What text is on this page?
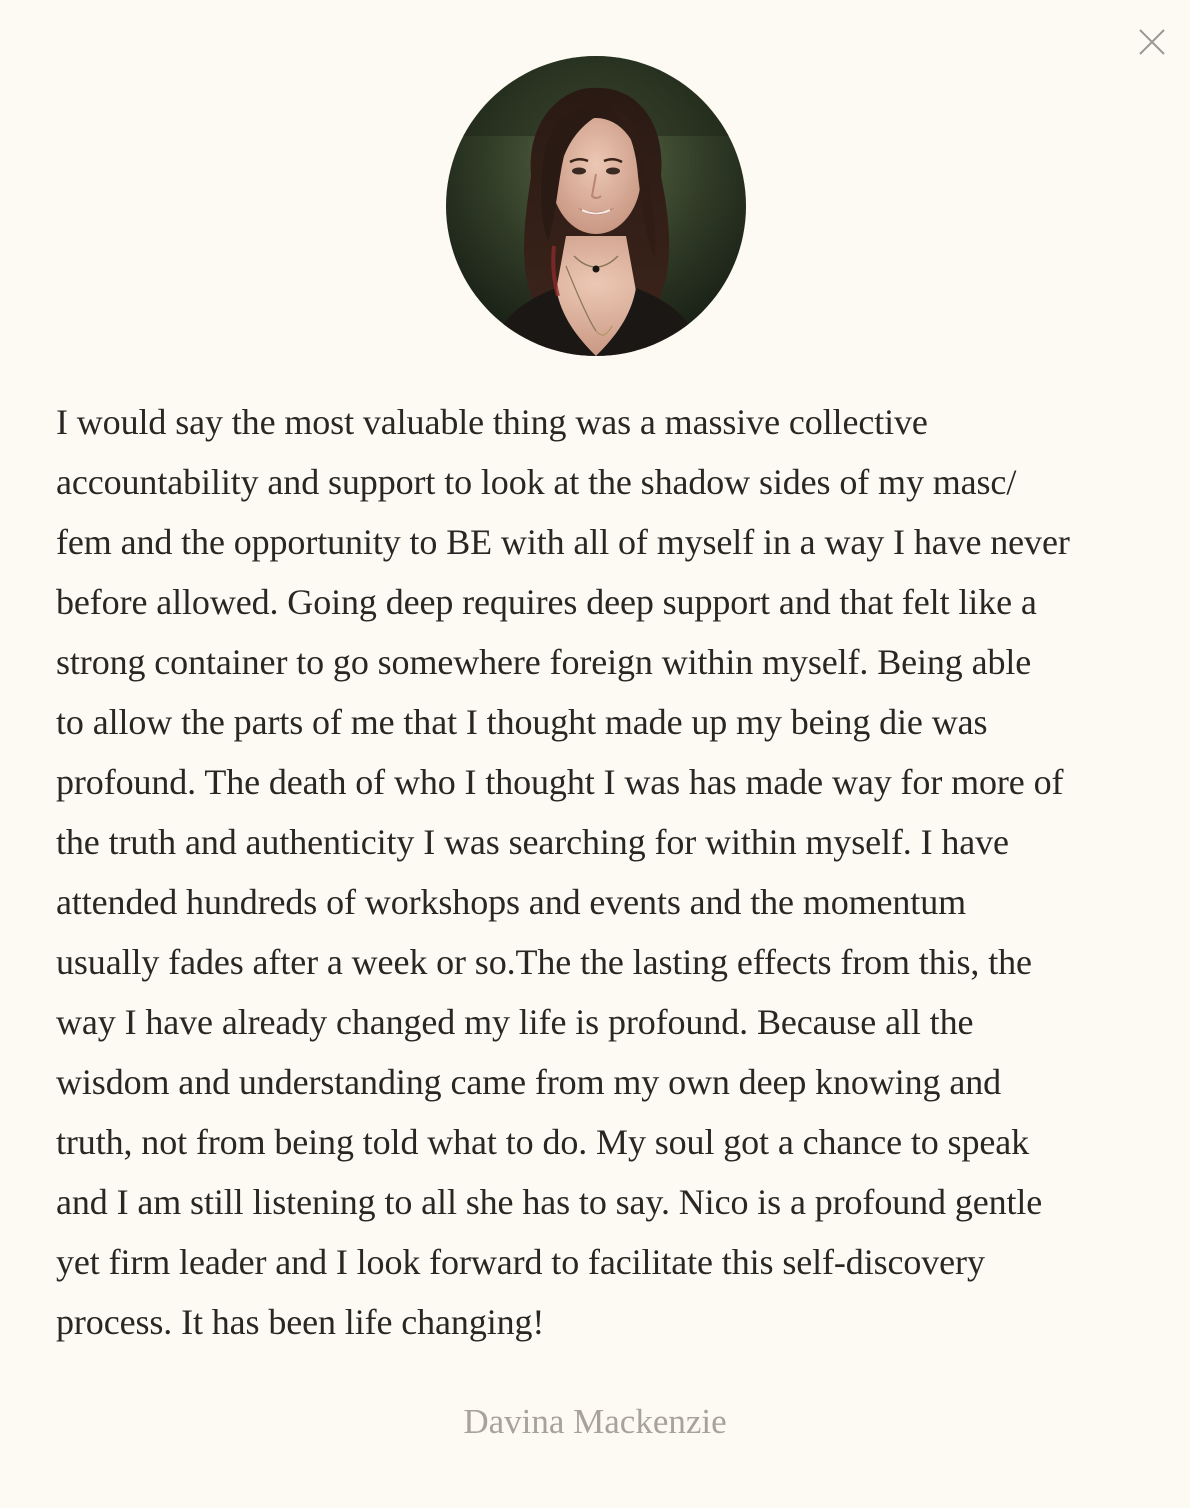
I would say the most valuable thing was a massive collective
accountability and support to look at the shadow sides of my masc/
fem and the opportunity to BE with all of myself in a way I have never
before allowed. Going deep requires deep support and that felt like a
strong container to go somewhere foreign within myself. Being able
to allow the parts of me that I thought made up my being die was
profound. The death of who I thought I was has made way for more of
the truth and authenticity I was searching for within myself. I have
attended hundreds of workshops and events and the momentum
usually fades after a week or so.The the lasting effects from this, the
way I have already changed my life is profound. Because all the
wisdom and understanding came from my own deep knowing and
truth, not from being told what to do. My soul got a chance to speak
and I am still listening to all she has to say. Nico is a profound gentle
yet firm leader and I look forward to facilitate this self-discovery
process. It has been life changing!

Davina Mackenzie
